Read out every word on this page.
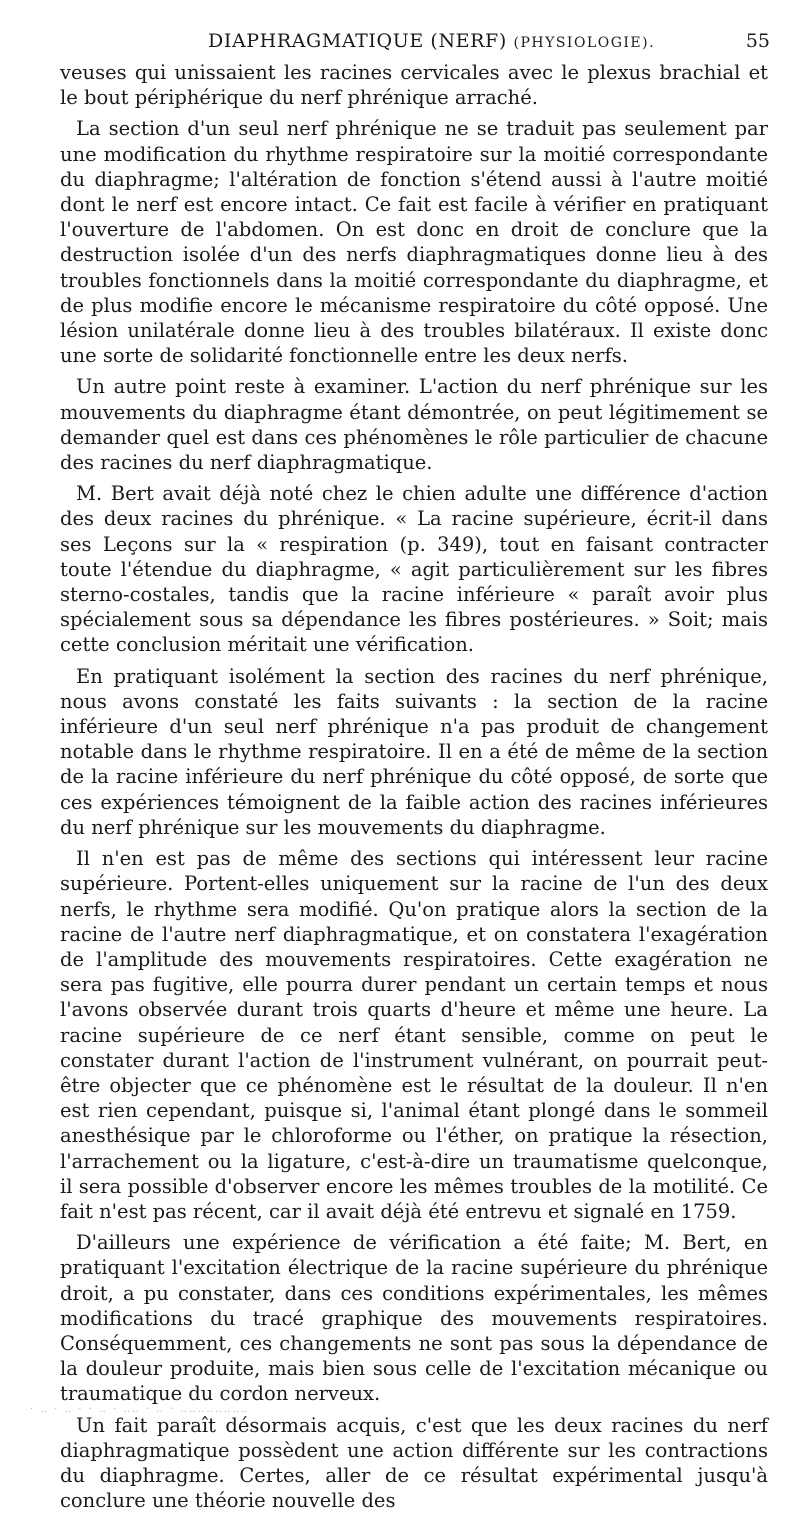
DIAPHRAGMATIQUE (NERF) (PHYSIOLOGIE).	55

veuses qui unissaient les racines cervicales avec le plexus brachial et le bout périphérique du nerf phrénique arraché.

La section d'un seul nerf phrénique ne se traduit pas seulement par une modification du rhythme respiratoire sur la moitié correspondante du diaphragme; l'altération de fonction s'étend aussi à l'autre moitié dont le nerf est encore intact. Ce fait est facile à vérifier en pratiquant l'ouverture de l'abdomen. On est donc en droit de conclure que la destruction isolée d'un des nerfs diaphragmatiques donne lieu à des troubles fonctionnels dans la moitié correspondante du diaphragme, et de plus modifie encore le mécanisme respiratoire du côté opposé. Une lésion unilatérale donne lieu à des troubles bilatéraux. Il existe donc une sorte de solidarité fonctionnelle entre les deux nerfs.

Un autre point reste à examiner. L'action du nerf phrénique sur les mouvements du diaphragme étant démontrée, on peut légitimement se demander quel est dans ces phénomènes le rôle particulier de chacune des racines du nerf diaphragmatique.

M. Bert avait déjà noté chez le chien adulte une différence d'action des deux racines du phrénique. « La racine supérieure, écrit-il dans ses Leçons sur la « respiration (p. 349), tout en faisant contracter toute l'étendue du diaphragme, « agit particulièrement sur les fibres sterno-costales, tandis que la racine inférieure « paraît avoir plus spécialement sous sa dépendance les fibres postérieures. » Soit; mais cette conclusion méritait une vérification.

En pratiquant isolément la section des racines du nerf phrénique, nous avons constaté les faits suivants : la section de la racine inférieure d'un seul nerf phrénique n'a pas produit de changement notable dans le rhythme respiratoire. Il en a été de même de la section de la racine inférieure du nerf phrénique du côté opposé, de sorte que ces expériences témoignent de la faible action des racines inférieures du nerf phrénique sur les mouvements du diaphragme.

Il n'en est pas de même des sections qui intéressent leur racine supérieure. Portent-elles uniquement sur la racine de l'un des deux nerfs, le rhythme sera modifié. Qu'on pratique alors la section de la racine de l'autre nerf diaphragmatique, et on constatera l'exagération de l'amplitude des mouvements respiratoires. Cette exagération ne sera pas fugitive, elle pourra durer pendant un certain temps et nous l'avons observée durant trois quarts d'heure et même une heure. La racine supérieure de ce nerf étant sensible, comme on peut le constater durant l'action de l'instrument vulnérant, on pourrait peut-être objecter que ce phénomène est le résultat de la douleur. Il n'en est rien cependant, puisque si, l'animal étant plongé dans le sommeil anesthésique par le chloroforme ou l'éther, on pratique la résection, l'arrachement ou la ligature, c'est-à-dire un traumatisme quelconque, il sera possible d'observer encore les mêmes troubles de la motilité. Ce fait n'est pas récent, car il avait déjà été entrevu et signalé en 1759.

D'ailleurs une expérience de vérification a été faite; M. Bert, en pratiquant l'excitation électrique de la racine supérieure du phrénique droit, a pu constater, dans ces conditions expérimentales, les mêmes modifications du tracé graphique des mouvements respiratoires. Conséquemment, ces changements ne sont pas sous la dépendance de la douleur produite, mais bien sous celle de l'excitation mécanique ou traumatique du cordon nerveux.

Un fait paraît désormais acquis, c'est que les deux racines du nerf diaphragmatique possèdent une action différente sur les contractions du diaphragme. Certes, aller de ce résultat expérimental jusqu'à conclure une théorie nouvelle des

· ‥ · ‥ · · ‥ · ‥‥ · ‥ · ‥‥‥‥‥‥‥‥
